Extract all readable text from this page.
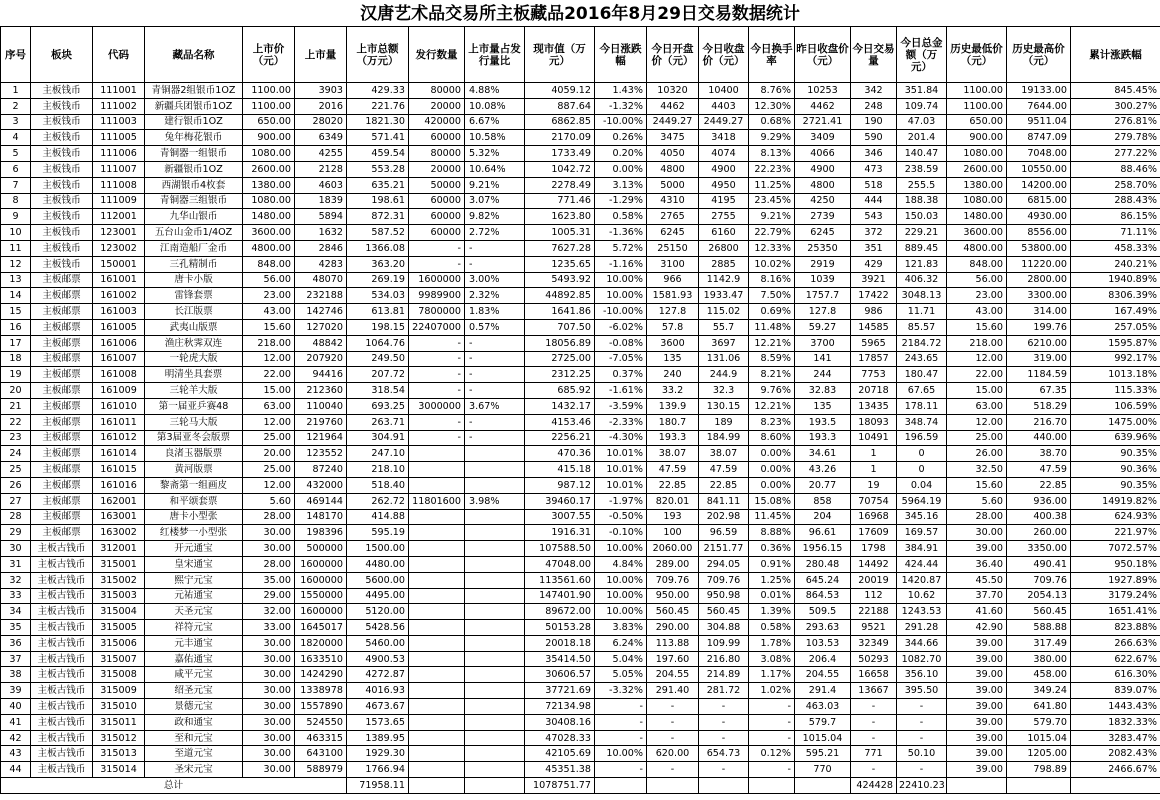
汉唐艺术品交易所主板藏品2016年8月29日交易数据统计
序号	板块	代码	藏品名称	上市价（元）	上市量	上市总额（万元）	发行数量	上市量占发行量比	现市值（万元）	今日涨跌幅	今日开盘价（元）	今日收盘价（元）	今日换手率	昨日收盘价（元）	今日交易量	今日总金额（万元）	历史最低价（元）	历史最高价（元）	累计涨跌幅
1	主板钱币	111001	青铜器2组银币1OZ	1100.00	3903	429.33	80000	4.88%	4059.12	1.43%	10320	10400	8.76%	10253	342	351.84	1100.00	19133.00	845.45%
2	主板钱币	111002	新疆兵团银币1OZ	1100.00	2016	221.76	20000	10.08%	887.64	-1.32%	4462	4403	12.30%	4462	248	109.74	1100.00	7644.00	300.27%
3	主板钱币	111003	建行银币1OZ	650.00	28020	1821.30	420000	6.67%	6862.85	-10.00%	2449.27	2449.27	0.68%	2721.41	190	47.03	650.00	9511.04	276.81%
4	主板钱币	111005	兔年梅花银币	900.00	6349	571.41	60000	10.58%	2170.09	0.26%	3475	3418	9.29%	3409	590	201.4	900.00	8747.09	279.78%
5	主板钱币	111006	青铜器一组银币	1080.00	4255	459.54	80000	5.32%	1733.49	0.20%	4050	4074	8.13%	4066	346	140.47	1080.00	7048.00	277.22%
6	主板钱币	111007	新疆银币1OZ	2600.00	2128	553.28	20000	10.64%	1042.72	0.00%	4800	4900	22.23%	4900	473	238.59	2600.00	10550.00	88.46%
7	主板钱币	111008	西湖银币4枚套	1380.00	4603	635.21	50000	9.21%	2278.49	3.13%	5000	4950	11.25%	4800	518	255.5	1380.00	14200.00	258.70%
8	主板钱币	111009	青铜器三组银币	1080.00	1839	198.61	60000	3.07%	771.46	-1.29%	4310	4195	23.45%	4250	444	188.38	1080.00	6815.00	288.43%
9	主板钱币	112001	九华山银币	1480.00	5894	872.31	60000	9.82%	1623.80	0.58%	2765	2755	9.21%	2739	543	150.03	1480.00	4930.00	86.15%
10	主板钱币	123001	五台山金币1/4OZ	3600.00	1632	587.52	60000	2.72%	1005.31	-1.36%	6245	6160	22.79%	6245	372	229.21	3600.00	8556.00	71.11%
11	主板钱币	123002	江南造船厂金币	4800.00	2846	1366.08	-	-	7627.28	5.72%	25150	26800	12.33%	25350	351	889.45	4800.00	53800.00	458.33%
12	主板钱币	150001	三孔精制币	848.00	4283	363.20	-	-	1235.65	-1.16%	3100	2885	10.02%	2919	429	121.83	848.00	11220.00	240.21%
13	主板邮票	161001	唐卡小版	56.00	48070	269.19	1600000	3.00%	5493.92	10.00%	966	1142.9	8.16%	1039	3921	406.32	56.00	2800.00	1940.89%
14	主板邮票	161002	雷锋套票	23.00	232188	534.03	9989900	2.32%	44892.85	10.00%	1581.93	1933.47	7.50%	1757.7	17422	3048.13	23.00	3300.00	8306.39%
15	主板邮票	161003	长江版票	43.00	142746	613.81	7800000	1.83%	1641.86	-10.00%	127.8	115.02	0.69%	127.8	986	11.71	43.00	314.00	167.49%
16	主板邮票	161005	武夷山版票	15.60	127020	198.15	22407000	0.57%	707.50	-6.02%	57.8	55.7	11.48%	59.27	14585	85.57	15.60	199.76	257.05%
17	主板邮票	161006	渔庄秋霁双连	218.00	48842	1064.76	-	-	18056.89	-0.08%	3600	3697	12.21%	3700	5965	2184.72	218.00	6210.00	1595.87%
18	主板邮票	161007	一轮虎大版	12.00	207920	249.50	-	-	2725.00	-7.05%	135	131.06	8.59%	141	17857	243.65	12.00	319.00	992.17%
19	主板邮票	161008	明清坐具套票	22.00	94416	207.72	-	-	2312.25	0.37%	240	244.9	8.21%	244	7753	180.47	22.00	1184.59	1013.18%
20	主板邮票	161009	三轮羊大版	15.00	212360	318.54	-	-	685.92	-1.61%	33.2	32.3	9.76%	32.83	20718	67.65	15.00	67.35	115.33%
21	主板邮票	161010	第一届亚乒赛48	63.00	110040	693.25	3000000	3.67%	1432.17	-3.59%	139.9	130.15	12.21%	135	13435	178.11	63.00	518.29	106.59%
22	主板邮票	161011	三轮马大版	12.00	219760	263.71	-	-	4153.46	-2.33%	180.7	189	8.23%	193.5	18093	348.74	12.00	216.70	1475.00%
23	主板邮票	161012	第3届亚冬会版票	25.00	121964	304.91	-	-	2256.21	-4.30%	193.3	184.99	8.60%	193.3	10491	196.59	25.00	440.00	639.96%
24	主板邮票	161014	良渚玉器版票	20.00	123552	247.10			470.36	10.01%	38.07	38.07	0.00%	34.61	1	0	26.00	38.70	90.35%
25	主板邮票	161015	黄河版票	25.00	87240	218.10			415.18	10.01%	47.59	47.59	0.00%	43.26	1	0	32.50	47.59	90.36%
26	主板邮票	161016	黎斋第一组画皮	12.00	432000	518.40			987.12	10.01%	22.85	22.85	0.00%	20.77	19	0.04	15.60	22.85	90.35%
27	主板邮票	162001	和平颂套票	5.60	469144	262.72	11801600	3.98%	39460.17	-1.97%	820.01	841.11	15.08%	858	70754	5964.19	5.60	936.00	14919.82%
28	主板邮票	163001	唐卡小型张	28.00	148170	414.88			3007.55	-0.50%	193	202.98	11.45%	204	16968	345.16	28.00	400.38	624.93%
29	主板邮票	163002	红楼梦一小型张	30.00	198396	595.19			1916.31	-0.10%	100	96.59	8.88%	96.61	17609	169.57	30.00	260.00	221.97%
30	主板古钱币	312001	开元通宝	30.00	500000	1500.00			107588.50	10.00%	2060.00	2151.77	0.36%	1956.15	1798	384.91	39.00	3350.00	7072.57%
31	主板古钱币	315001	皇宋通宝	28.00	1600000	4480.00			47048.00	4.84%	289.00	294.05	0.91%	280.48	14492	424.44	36.40	490.41	950.18%
32	主板古钱币	315002	熙宁元宝	35.00	1600000	5600.00			113561.60	10.00%	709.76	709.76	1.25%	645.24	20019	1420.87	45.50	709.76	1927.89%
33	主板古钱币	315003	元祐通宝	29.00	1550000	4495.00			147401.90	10.00%	950.00	950.98	0.01%	864.53	112	10.62	37.70	2054.13	3179.24%
34	主板古钱币	315004	天圣元宝	32.00	1600000	5120.00			89672.00	10.00%	560.45	560.45	1.39%	509.5	22188	1243.53	41.60	560.45	1651.41%
35	主板古钱币	315005	祥符元宝	33.00	1645017	5428.56			50153.28	3.83%	290.00	304.88	0.58%	293.63	9521	291.28	42.90	588.88	823.88%
36	主板古钱币	315006	元丰通宝	30.00	1820000	5460.00			20018.18	6.24%	113.88	109.99	1.78%	103.53	32349	344.66	39.00	317.49	266.63%
37	主板古钱币	315007	嘉佑通宝	30.00	1633510	4900.53			35414.50	5.04%	197.60	216.80	3.08%	206.4	50293	1082.70	39.00	380.00	622.67%
38	主板古钱币	315008	咸平元宝	30.00	1424290	4272.87			30606.57	5.05%	204.55	214.89	1.17%	204.55	16658	356.10	39.00	458.00	616.30%
39	主板古钱币	315009	绍圣元宝	30.00	1338978	4016.93			37721.69	-3.32%	291.40	281.72	1.02%	291.4	13667	395.50	39.00	349.24	839.07%
40	主板古钱币	315010	景德元宝	30.00	1557890	4673.67			72134.98	-	-	-	-	463.03	-	-	39.00	641.80	1443.43%
41	主板古钱币	315011	政和通宝	30.00	524550	1573.65			30408.16	-	-	-	-	579.7	-	-	39.00	579.70	1832.33%
42	主板古钱币	315012	至和元宝	30.00	463315	1389.95			47028.33	-	-	-	-	1015.04	-	-	39.00	1015.04	3283.47%
43	主板古钱币	315013	至道元宝	30.00	643100	1929.30			42105.69	10.00%	620.00	654.73	0.12%	595.21	771	50.10	39.00	1205.00	2082.43%
44	主板古钱币	315014	圣宋元宝	30.00	588979	1766.94			45351.38	-	-	-	-	770	-	-	39.00	798.89	2466.67%
总计						71958.11			1078751.77						424428	22410.23			
